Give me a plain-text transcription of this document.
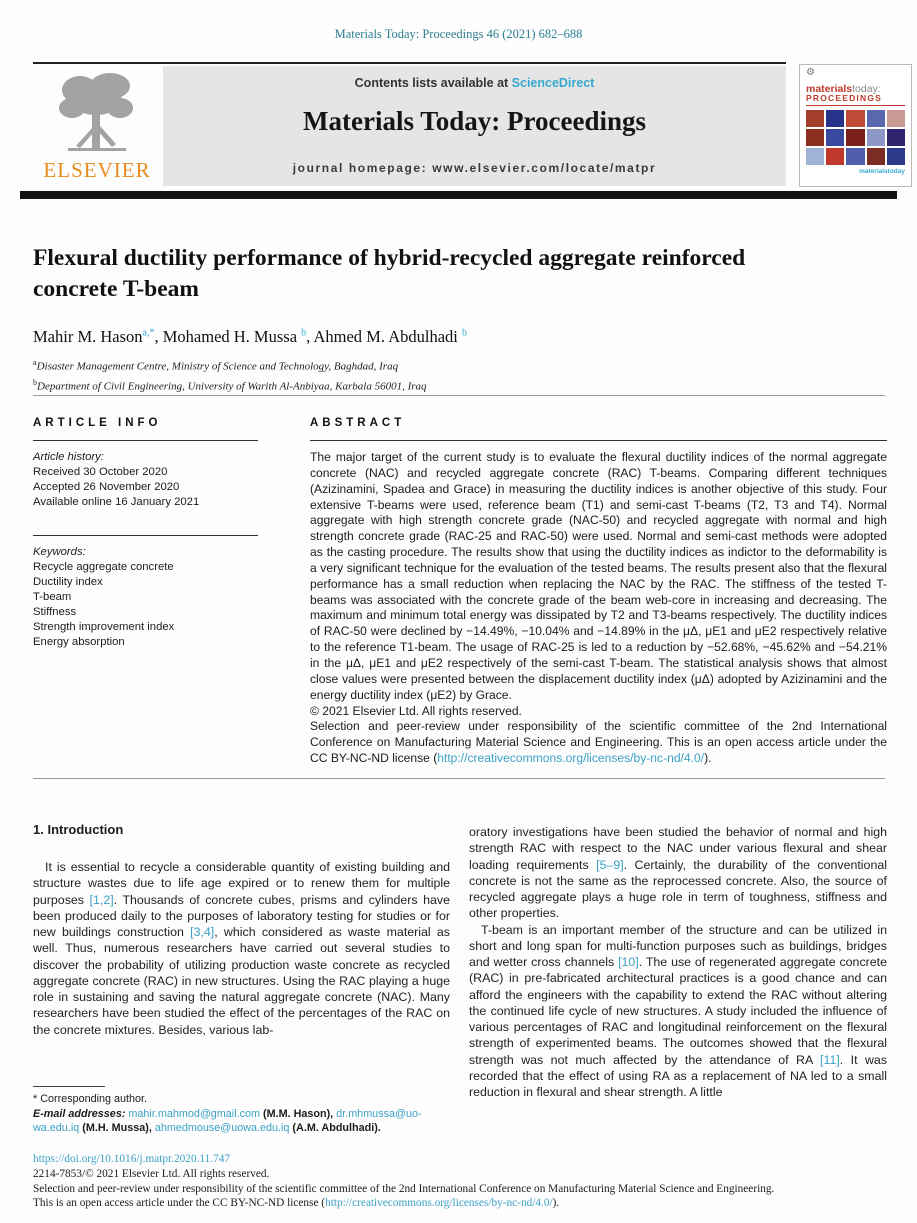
Materials Today: Proceedings 46 (2021) 682–688
ELSEVIER
Contents lists available at ScienceDirect
Materials Today: Proceedings
journal homepage: www.elsevier.com/locate/matpr
⚙
materialstoday:
PROCEEDINGS
materialstoday
Flexural ductility performance of hybrid-recycled aggregate reinforced concrete T-beam
Mahir M. Hason$^{a,*}$, Mohamed H. Mussa $^b$, Ahmed M. Abdulhadi $^b$
$^a$Disaster Management Centre, Ministry of Science and Technology, Baghdad, Iraq
$^b$Department of Civil Engineering, University of Warith Al-Anbiyaa, Karbala 56001, Iraq
ARTICLE INFO
Article history:
Received 30 October 2020
Accepted 26 November 2020
Available online 16 January 2021
Keywords:
Recycle aggregate concrete
Ductility index
T-beam
Stiffness
Strength improvement index
Energy absorption
ABSTRACT
The major target of the current study is to evaluate the flexural ductility indices of the normal aggregate concrete (NAC) and recycled aggregate concrete (RAC) T-beams. Comparing different techniques (Azizinamini, Spadea and Grace) in measuring the ductility indices is another objective of this study. Four extensive T-beams were used, reference beam (T1) and semi-cast T-beams (T2, T3 and T4). Normal aggregate with high strength concrete grade (NAC-50) and recycled aggregate with normal and high strength concrete grade (RAC-25 and RAC-50) were used. Normal and semi-cast methods were adopted as the casting procedure. The results show that using the ductility indices as indictor to the deformability is a very significant technique for the evaluation of the tested beams. The results present also that the flexural performance has a small reduction when replacing the NAC by the RAC. The stiffness of the tested T-beams was associated with the concrete grade of the beam web-core in increasing and decreasing. The maximum and minimum total energy was dissipated by T2 and T3-beams respectively. The ductility indices of RAC-50 were declined by −14.49%, −10.04% and −14.89% in the μΔ, μE1 and μE2 respectively relative to the reference T1-beam. The usage of RAC-25 is led to a reduction by −52.68%, −45.62% and −54.21% in the μΔ, μE1 and μE2 respectively of the semi-cast T-beam. The statistical analysis shows that almost close values were presented between the displacement ductility index (μΔ) adopted by Azizinamini and the energy ductility index (μE2) by Grace.
© 2021 Elsevier Ltd. All rights reserved.
Selection and peer-review under responsibility of the scientific committee of the 2nd International Conference on Manufacturing Material Science and Engineering. This is an open access article under the CC BY-NC-ND license (http://creativecommons.org/licenses/by-nc-nd/4.0/).
1. Introduction
It is essential to recycle a considerable quantity of existing building and structure wastes due to life age expired or to renew them for multiple purposes [1,2]. Thousands of concrete cubes, prisms and cylinders have been produced daily to the purposes of laboratory testing for studies or for new buildings construction [3,4], which considered as waste material as well. Thus, numerous researchers have carried out several studies to discover the probability of utilizing production waste concrete as recycled aggregate concrete (RAC) in new structures. Using the RAC playing a huge role in sustaining and saving the natural aggregate concrete (NAC). Many researchers have been studied the effect of the percentages of the RAC on the concrete mixtures. Besides, various lab-
oratory investigations have been studied the behavior of normal and high strength RAC with respect to the NAC under various flexural and shear loading requirements [5–9]. Certainly, the durability of the conventional concrete is not the same as the reprocessed concrete. Also, the source of recycled aggregate plays a huge role in term of toughness, stiffness and other properties.
T-beam is an important member of the structure and can be utilized in short and long span for multi-function purposes such as buildings, bridges and wetter cross channels [10]. The use of regenerated aggregate concrete (RAC) in pre-fabricated architectural practices is a good chance and can afford the engineers with the capability to extend the RAC without altering the continued life cycle of new structures. A study included the influence of various percentages of RAC and longitudinal reinforcement on the flexural strength of experimented beams. The outcomes showed that the flexural strength was not much affected by the attendance of RA [11]. It was recorded that the effect of using RA as a replacement of NA led to a small reduction in flexural and shear strength. A little
* Corresponding author.
E-mail addresses: mahir.mahmod@gmail.com (M.M. Hason), dr.mhmussa@uo-wa.edu.iq (M.H. Mussa), ahmedmouse@uowa.edu.iq (A.M. Abdulhadi).
https://doi.org/10.1016/j.matpr.2020.11.747
2214-7853/© 2021 Elsevier Ltd. All rights reserved.
Selection and peer-review under responsibility of the scientific committee of the 2nd International Conference on Manufacturing Material Science and Engineering.
This is an open access article under the CC BY-NC-ND license (http://creativecommons.org/licenses/by-nc-nd/4.0/).
